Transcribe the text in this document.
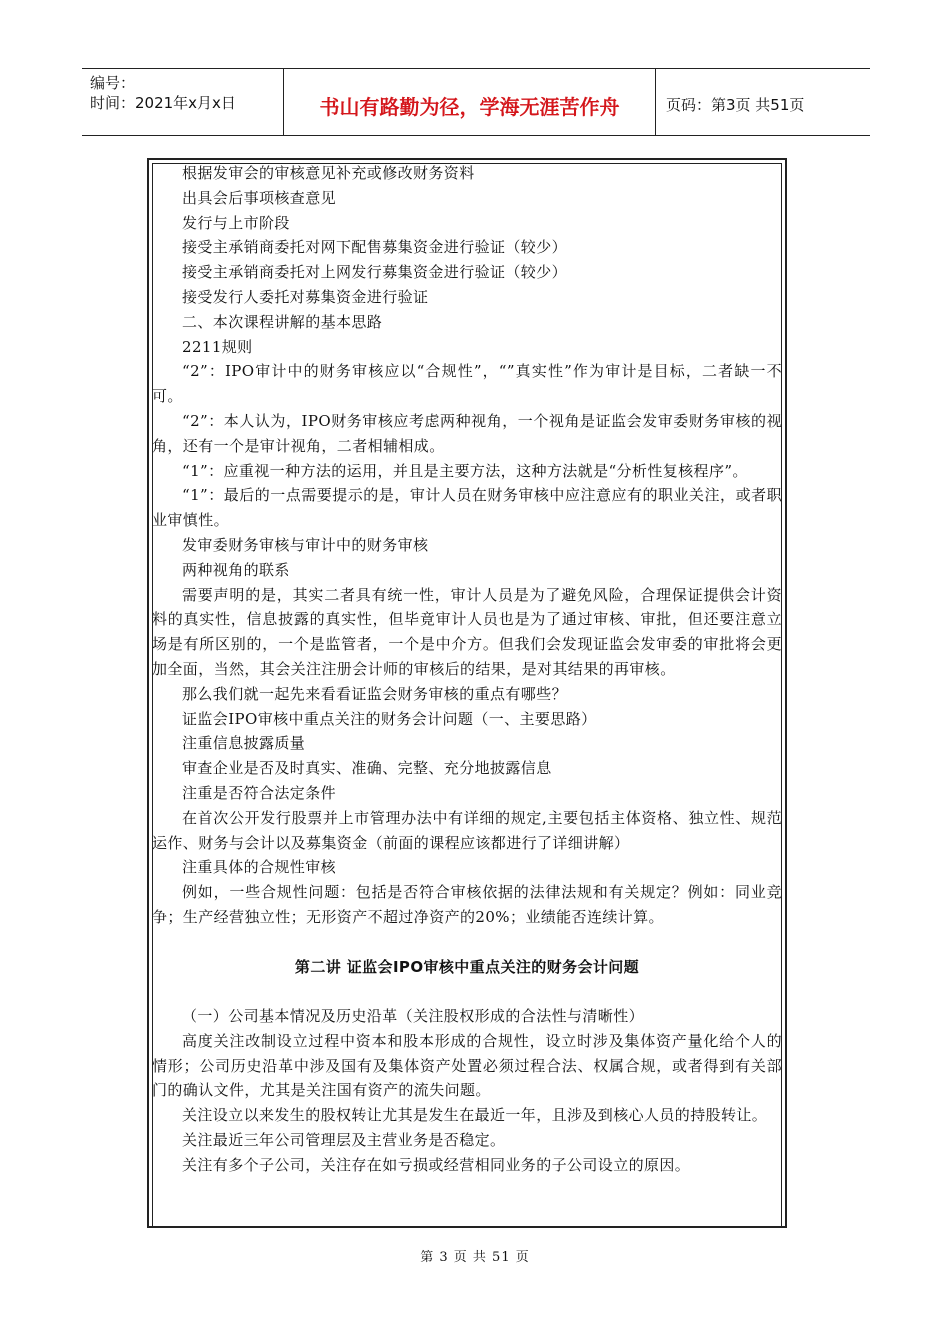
编号：
时间：2021年x月x日	书山有路勤为径，学海无涯苦作舟	页码：第3页 共51页

根据发审会的审核意见补充或修改财务资料

出具会后事项核查意见

发行与上市阶段

接受主承销商委托对网下配售募集资金进行验证（较少）

接受主承销商委托对上网发行募集资金进行验证（较少）

接受发行人委托对募集资金进行验证

二、本次课程讲解的基本思路

2211规则

“2”：IPO审计中的财务审核应以“合规性”，“”真实性”作为审计是目标，二者缺一不可。

“2”：本人认为，IPO财务审核应考虑两种视角，一个视角是证监会发审委财务审核的视角，还有一个是审计视角，二者相辅相成。

“1”：应重视一种方法的运用，并且是主要方法，这种方法就是“分析性复核程序”。

“1”：最后的一点需要提示的是，审计人员在财务审核中应注意应有的职业关注，或者职业审慎性。

发审委财务审核与审计中的财务审核

两种视角的联系

需要声明的是，其实二者具有统一性，审计人员是为了避免风险，合理保证提供会计资料的真实性，信息披露的真实性，但毕竟审计人员也是为了通过审核、审批，但还要注意立场是有所区别的，一个是监管者，一个是中介方。但我们会发现证监会发审委的审批将会更加全面，当然，其会关注注册会计师的审核后的结果，是对其结果的再审核。

那么我们就一起先来看看证监会财务审核的重点有哪些？

证监会IPO审核中重点关注的财务会计问题（一、主要思路）

注重信息披露质量

审查企业是否及时真实、准确、完整、充分地披露信息

注重是否符合法定条件

在首次公开发行股票并上市管理办法中有详细的规定,主要包括主体资格、独立性、规范运作、财务与会计以及募集资金（前面的课程应该都进行了详细讲解）

注重具体的合规性审核

例如，一些合规性问题：包括是否符合审核依据的法律法规和有关规定？例如：同业竞争；生产经营独立性；无形资产不超过净资产的20%；业绩能否连续计算。

第二讲 证监会IPO审核中重点关注的财务会计问题

（一）公司基本情况及历史沿革（关注股权形成的合法性与清晰性）

高度关注改制设立过程中资本和股本形成的合规性，设立时涉及集体资产量化给个人的情形；公司历史沿革中涉及国有及集体资产处置必须过程合法、权属合规，或者得到有关部门的确认文件，尤其是关注国有资产的流失问题。

关注设立以来发生的股权转让尤其是发生在最近一年，且涉及到核心人员的持股转让。

关注最近三年公司管理层及主营业务是否稳定。

关注有多个子公司，关注存在如亏损或经营相同业务的子公司设立的原因。

第 3 页 共 51 页
